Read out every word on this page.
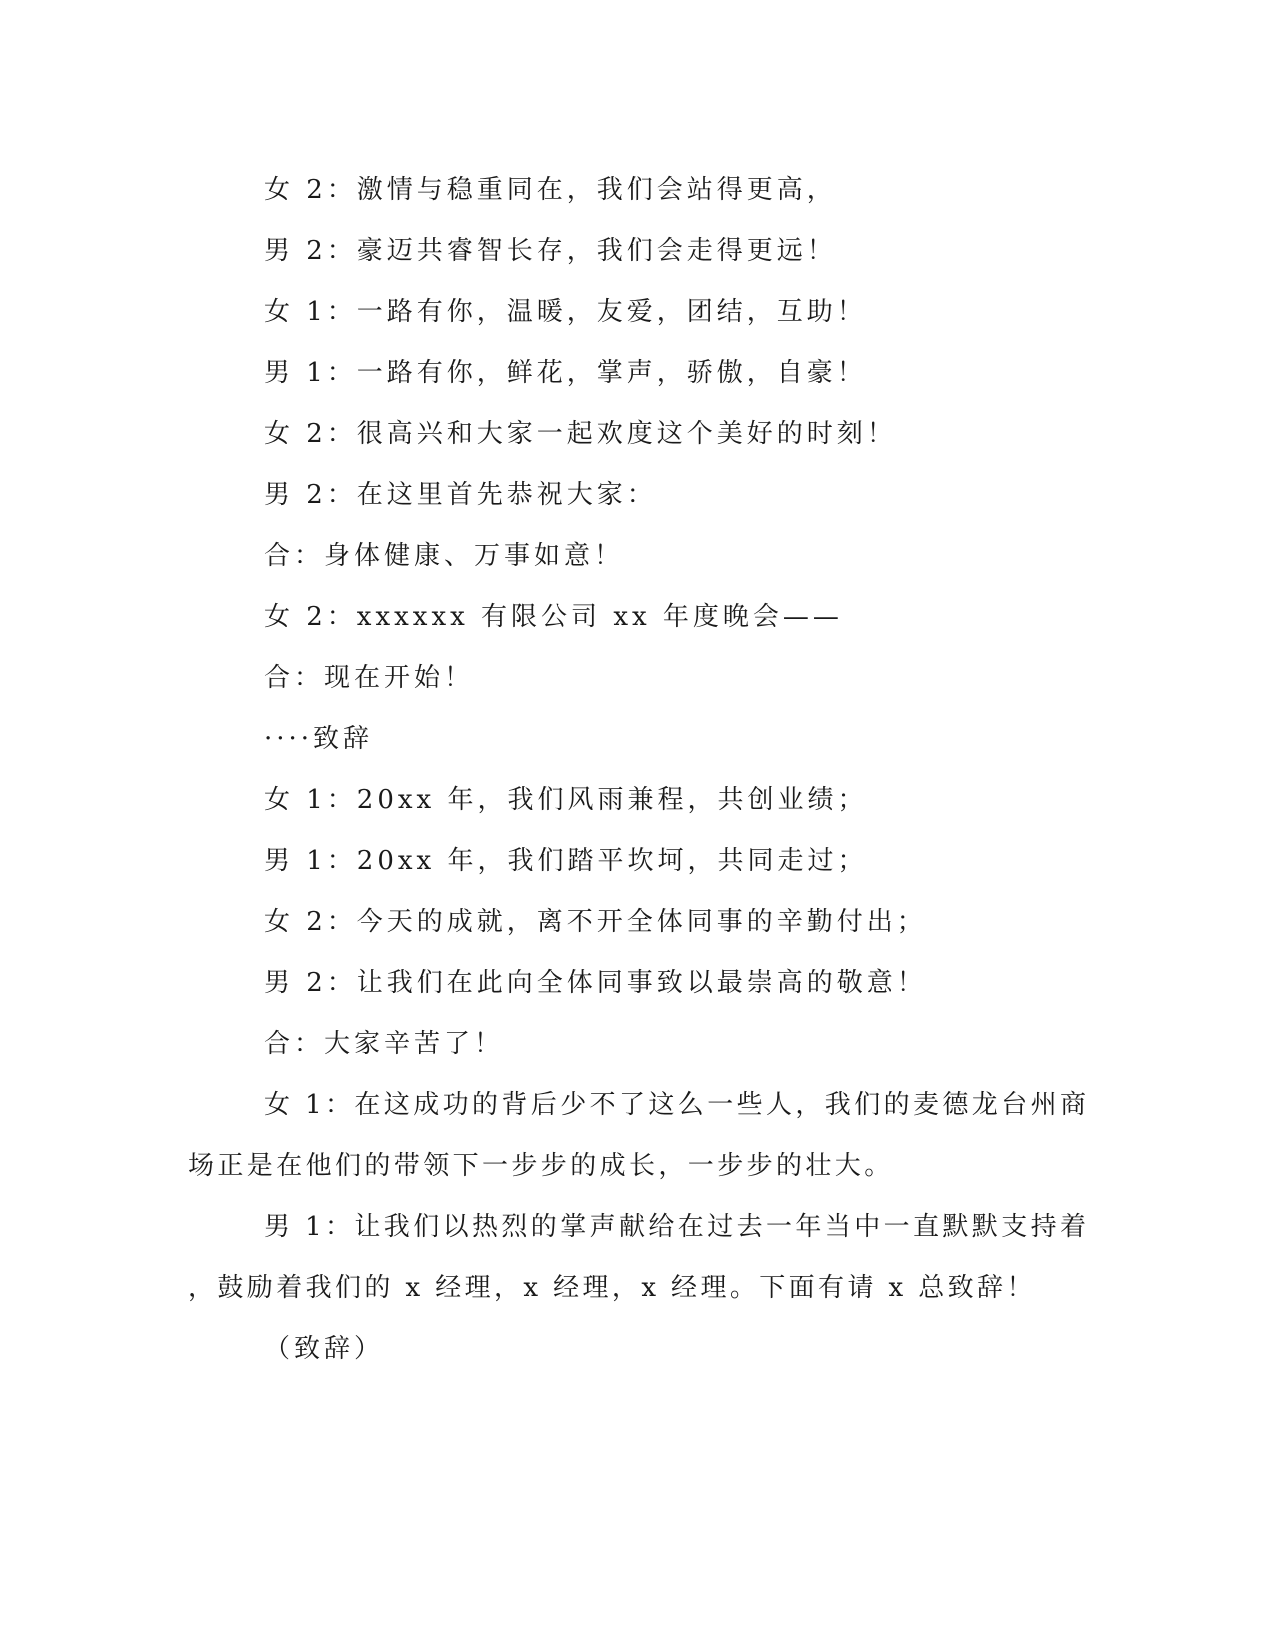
女 2：激情与稳重同在，我们会站得更高，
男 2：豪迈共睿智长存，我们会走得更远！
女 1：一路有你，温暖，友爱，团结，互助！
男 1：一路有你，鲜花，掌声，骄傲，自豪！
女 2：很高兴和大家一起欢度这个美好的时刻！
男 2：在这里首先恭祝大家：
合：身体健康、万事如意！
女 2：xxxxxx 有限公司 xx 年度晚会——
合：现在开始！
····致辞
女 1：20xx 年，我们风雨兼程，共创业绩；
男 1：20xx 年，我们踏平坎坷，共同走过；
女 2：今天的成就，离不开全体同事的辛勤付出；
男 2：让我们在此向全体同事致以最崇高的敬意！
合：大家辛苦了！
女 1：在这成功的背后少不了这么一些人，我们的麦德龙台州商
场正是在他们的带领下一步步的成长，一步步的壮大。
男 1：让我们以热烈的掌声献给在过去一年当中一直默默支持着
，鼓励着我们的 x 经理，x 经理，x 经理。下面有请 x 总致辞！
（致辞）
